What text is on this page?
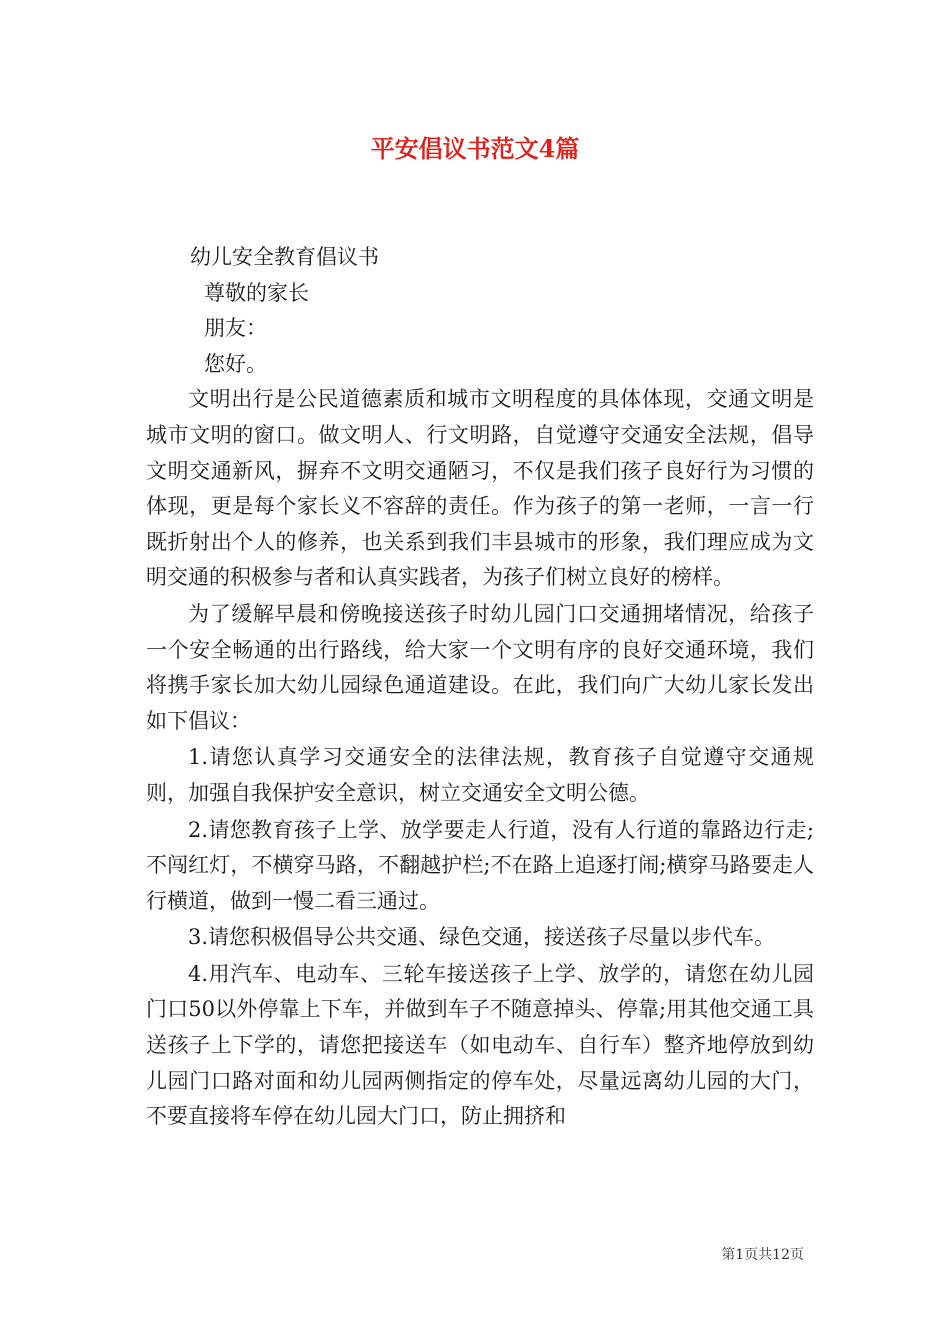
平安倡议书范文4篇

幼儿安全教育倡议书

尊敬的家长

朋友：

您好。

文明出行是公民道德素质和城市文明程度的具体体现，交通文明是城市文明的窗口。做文明人、行文明路，自觉遵守交通安全法规，倡导文明交通新风，摒弃不文明交通陋习，不仅是我们孩子良好行为习惯的体现，更是每个家长义不容辞的责任。作为孩子的第一老师，一言一行既折射出个人的修养，也关系到我们丰县城市的形象，我们理应成为文明交通的积极参与者和认真实践者，为孩子们树立良好的榜样。

为了缓解早晨和傍晚接送孩子时幼儿园门口交通拥堵情况，给孩子一个安全畅通的出行路线，给大家一个文明有序的良好交通环境，我们将携手家长加大幼儿园绿色通道建设。在此，我们向广大幼儿家长发出如下倡议：

1.请您认真学习交通安全的法律法规，教育孩子自觉遵守交通规则，加强自我保护安全意识，树立交通安全文明公德。

2.请您教育孩子上学、放学要走人行道，没有人行道的靠路边行走;不闯红灯，不横穿马路，不翻越护栏;不在路上追逐打闹;横穿马路要走人行横道，做到一慢二看三通过。

3.请您积极倡导公共交通、绿色交通，接送孩子尽量以步代车。

4.用汽车、电动车、三轮车接送孩子上学、放学的，请您在幼儿园门口50以外停靠上下车，并做到车子不随意掉头、停靠;用其他交通工具送孩子上下学的，请您把接送车（如电动车、自行车）整齐地停放到幼儿园门口路对面和幼儿园两侧指定的停车处，尽量远离幼儿园的大门，不要直接将车停在幼儿园大门口，防止拥挤和

第1页共12页
